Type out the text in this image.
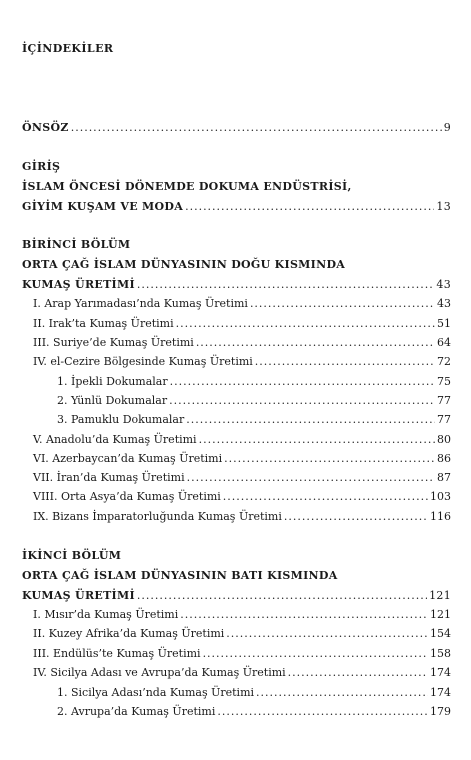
İÇİNDEKİLER
ÖNSÖZ .....	9
GİRİŞ
İSLAM ÖNCESİ DÖNEMDE DOKUMA ENDÜSTRİSİ,
GİYİM KUŞAM VE MODA .....	13
BİRİNCİ BÖLÜM
ORTA ÇAĞ İSLAM DÜNYASININ DOĞU KISMINDA
KUMAŞ ÜRETİMİ .....	43
I. Arap Yarımadası’nda Kumaş Üretimi .....	43
II. Irak’ta Kumaş Üretimi .....	51
III. Suriye’de Kumaş Üretimi .....	64
IV. el-Cezire Bölgesinde Kumaş Üretimi .....	72
1. İpekli Dokumalar .....	75
2. Yünlü Dokumalar .....	77
3. Pamuklu Dokumalar .....	77
V. Anadolu’da Kumaş Üretimi .....	80
VI. Azerbaycan’da Kumaş Üretimi .....	86
VII. İran’da Kumaş Üretimi .....	87
VIII. Orta Asya’da Kumaş Üretimi .....	103
IX. Bizans İmparatorluğunda Kumaş Üretimi .....	116
İKİNCİ BÖLÜM
ORTA ÇAĞ İSLAM DÜNYASININ BATI KISMINDA
KUMAŞ ÜRETİMİ .....	121
I. Mısır’da Kumaş Üretimi .....	121
II. Kuzey Afrika’da Kumaş Üretimi .....	154
III. Endülüs’te Kumaş Üretimi .....	158
IV. Sicilya Adası ve Avrupa’da Kumaş Üretimi .....	174
1. Sicilya Adası’nda Kumaş Üretimi .....	174
2. Avrupa’da Kumaş Üretimi .....	179
